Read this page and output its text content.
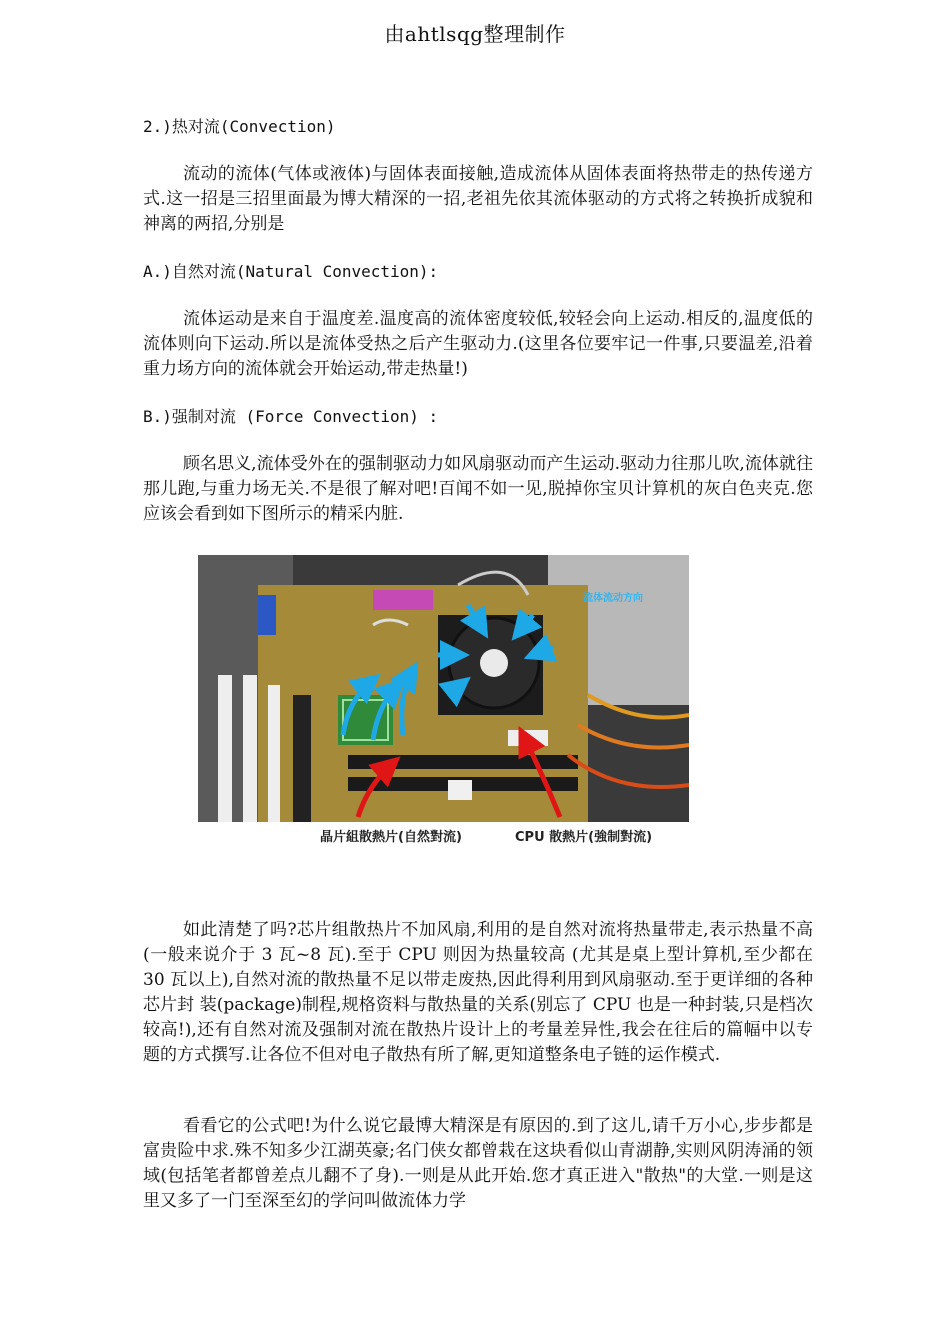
由ahtlsqg整理制作
2.)热对流(Convection)
流动的流体(气体或液体)与固体表面接触,造成流体从固体表面将热带走的热传递方式.这一招是三招里面最为博大精深的一招,老祖先依其流体驱动的方式将之转换折成貌和神离的两招,分别是
A.)自然对流(Natural Convection):
流体运动是来自于温度差.温度高的流体密度较低,较轻会向上运动.相反的,温度低的流体则向下运动.所以是流体受热之后产生驱动力.(这里各位要牢记一件事,只要温差,沿着重力场方向的流体就会开始运动,带走热量!)
B.)强制对流 (Force Convection) :
顾名思义,流体受外在的强制驱动力如风扇驱动而产生运动.驱动力往那儿吹,流体就往那儿跑,与重力场无关.不是很了解对吧!百闻不如一见,脱掉你宝贝计算机的灰白色夹克.您应该会看到如下图所示的精采内脏.
流体流动方向
晶片組散熱片(自然對流)	CPU 散熱片(強制對流)
如此清楚了吗?芯片组散热片不加风扇,利用的是自然对流将热量带走,表示热量不高(一般来说介于 3 瓦~8 瓦).至于 CPU 则因为热量较高 (尤其是桌上型计算机,至少都在 30 瓦以上),自然对流的散热量不足以带走废热,因此得利用到风扇驱动.至于更详细的各种芯片封 装(package)制程,规格资料与散热量的关系(别忘了 CPU 也是一种封装,只是档次较高!),还有自然对流及强制对流在散热片设计上的考量差异性,我会在往后的篇幅中以专题的方式撰写.让各位不但对电子散热有所了解,更知道整条电子链的运作模式.
看看它的公式吧!为什么说它最博大精深是有原因的.到了这儿,请千万小心,步步都是富贵险中求.殊不知多少江湖英豪;名门侠女都曾栽在这块看似山青湖静,实则风阴涛涌的领域(包括笔者都曾差点儿翻不了身).一则是从此开始.您才真正进入"散热"的大堂.一则是这 里又多了一门至深至幻的学问叫做流体力学
